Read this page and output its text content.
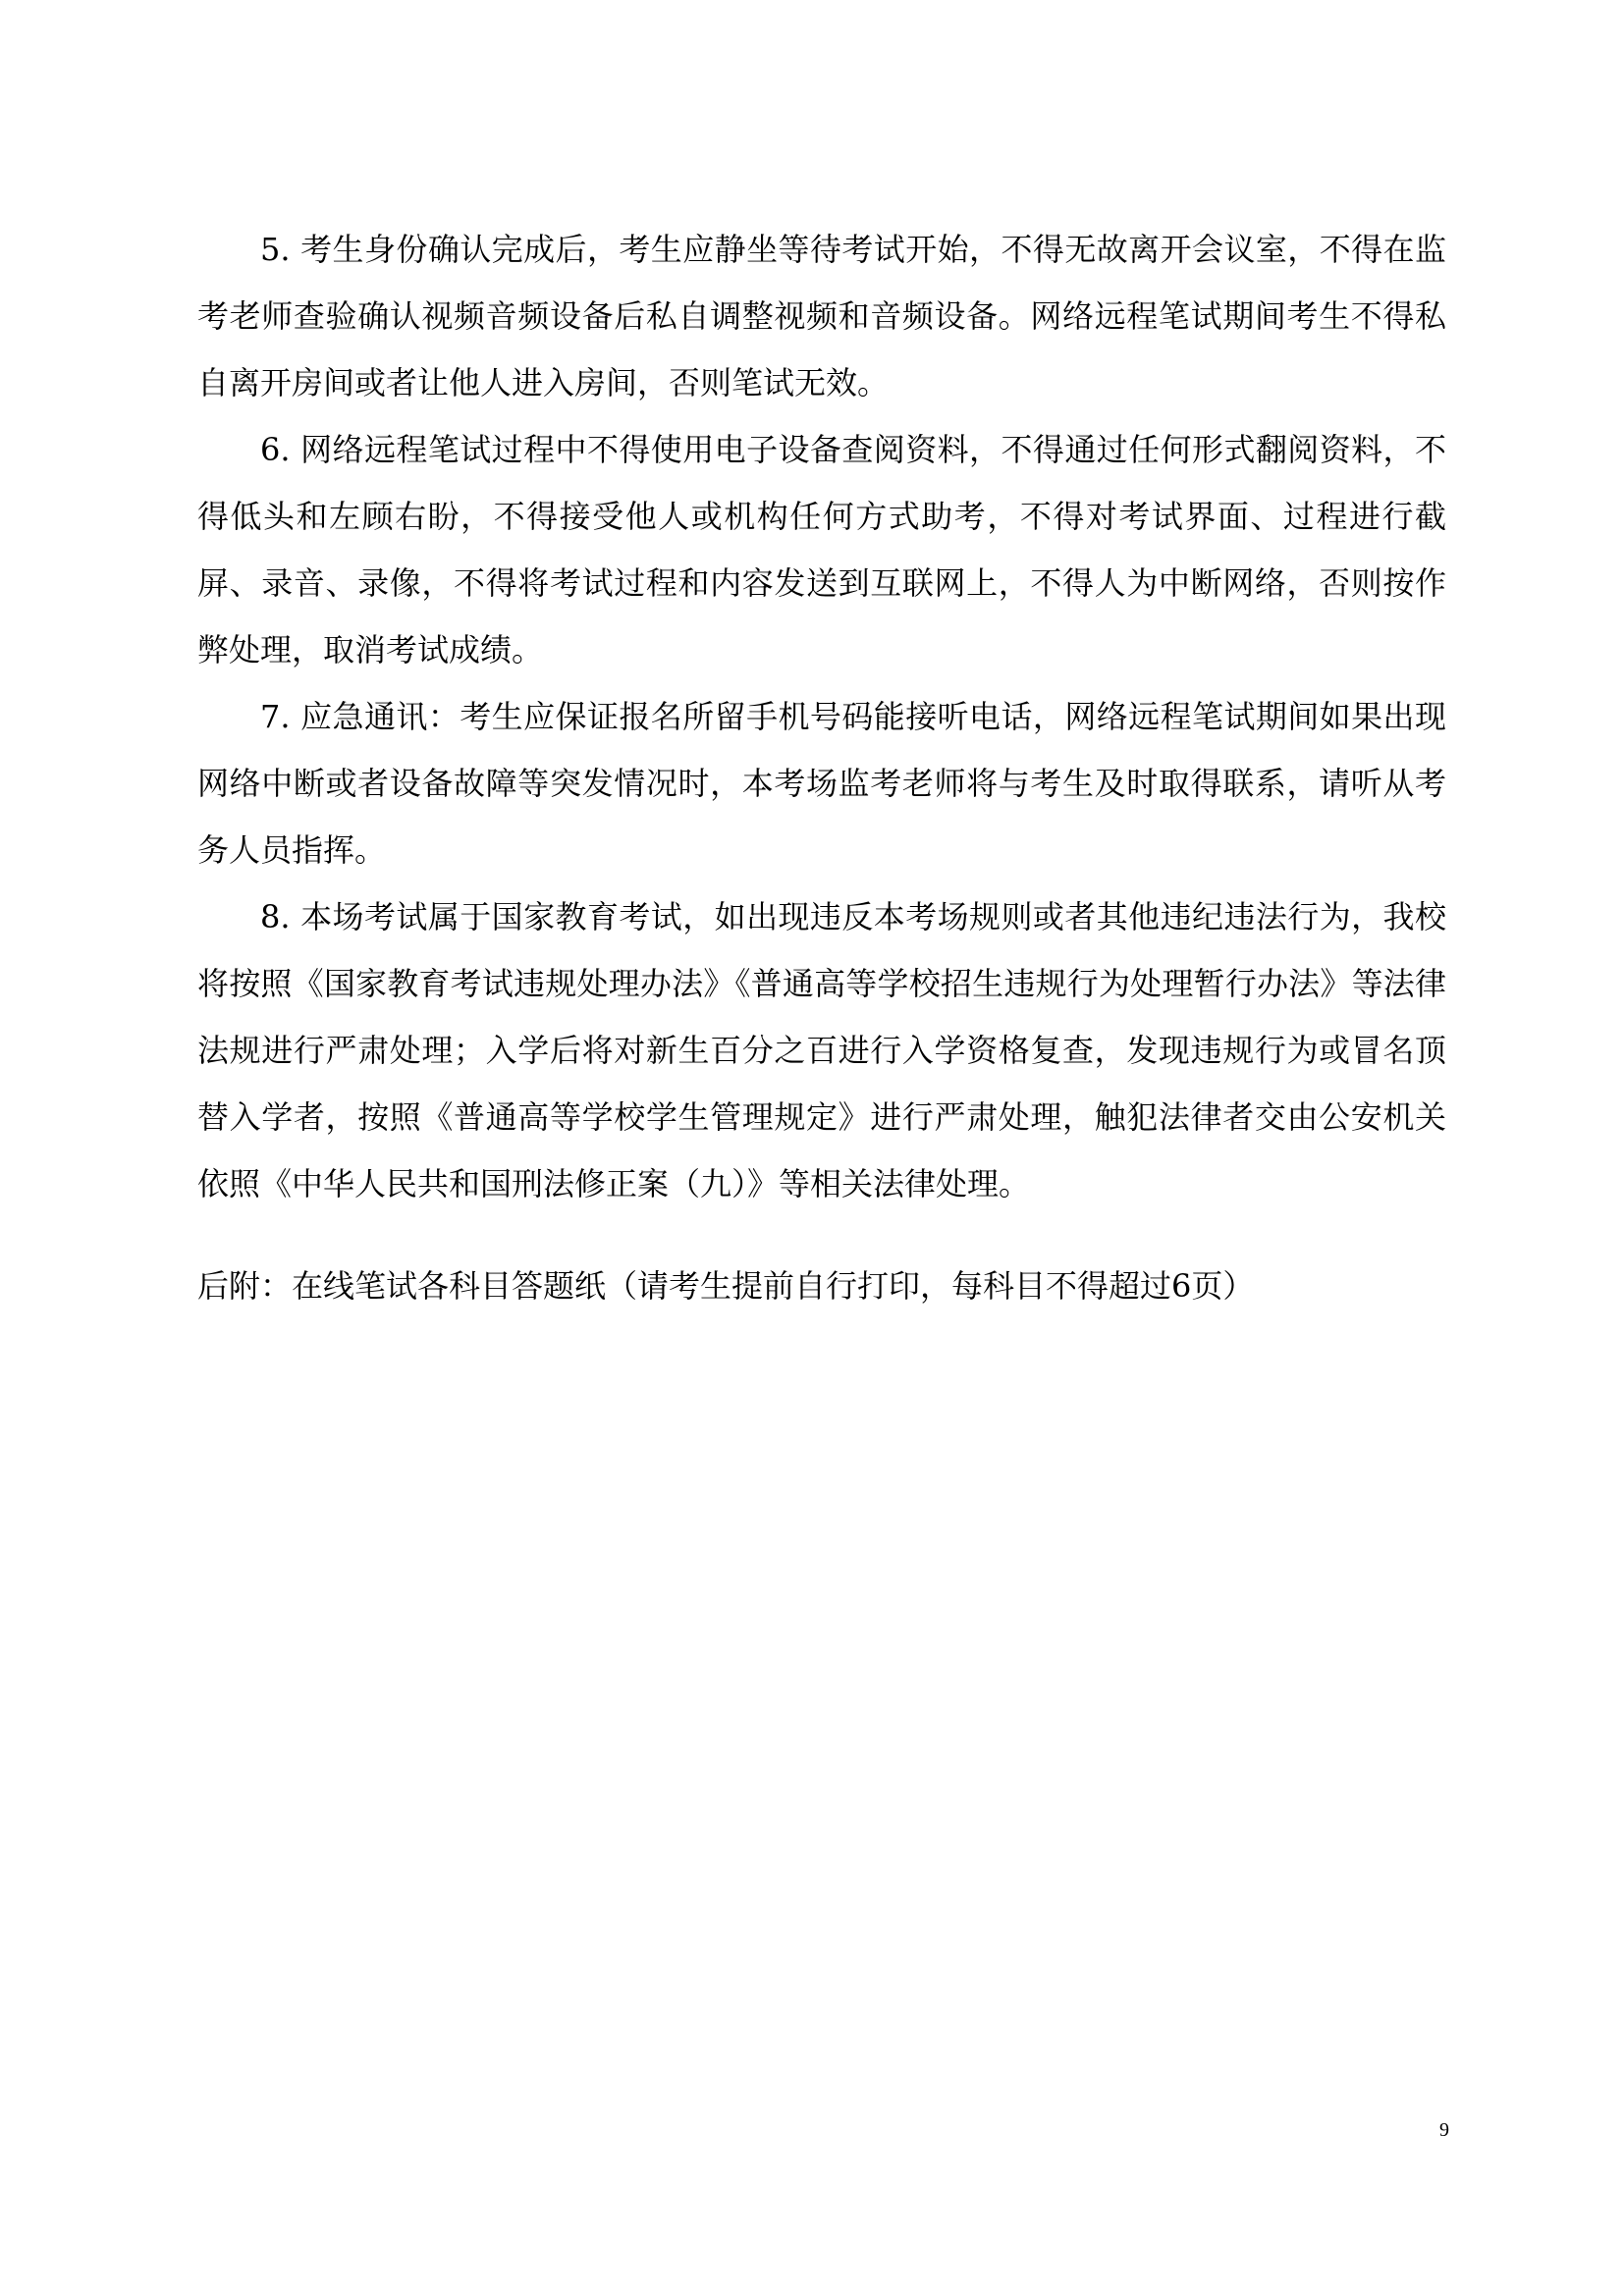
5. 考生身份确认完成后，考生应静坐等待考试开始，不得无故离开会议室，不得在监考老师查验确认视频音频设备后私自调整视频和音频设备。网络远程笔试期间考生不得私自离开房间或者让他人进入房间，否则笔试无效。

6. 网络远程笔试过程中不得使用电子设备查阅资料，不得通过任何形式翻阅资料，不得低头和左顾右盼，不得接受他人或机构任何方式助考，不得对考试界面、过程进行截屏、录音、录像，不得将考试过程和内容发送到互联网上，不得人为中断网络，否则按作弊处理，取消考试成绩。

7. 应急通讯：考生应保证报名所留手机号码能接听电话，网络远程笔试期间如果出现网络中断或者设备故障等突发情况时，本考场监考老师将与考生及时取得联系，请听从考务人员指挥。

8. 本场考试属于国家教育考试，如出现违反本考场规则或者其他违纪违法行为，我校将按照《国家教育考试违规处理办法》《普通高等学校招生违规行为处理暂行办法》等法律法规进行严肃处理；入学后将对新生百分之百进行入学资格复查，发现违规行为或冒名顶替入学者，按照《普通高等学校学生管理规定》进行严肃处理，触犯法律者交由公安机关依照《中华人民共和国刑法修正案（九）》等相关法律处理。

后附：在线笔试各科目答题纸（请考生提前自行打印，每科目不得超过6页）

9
